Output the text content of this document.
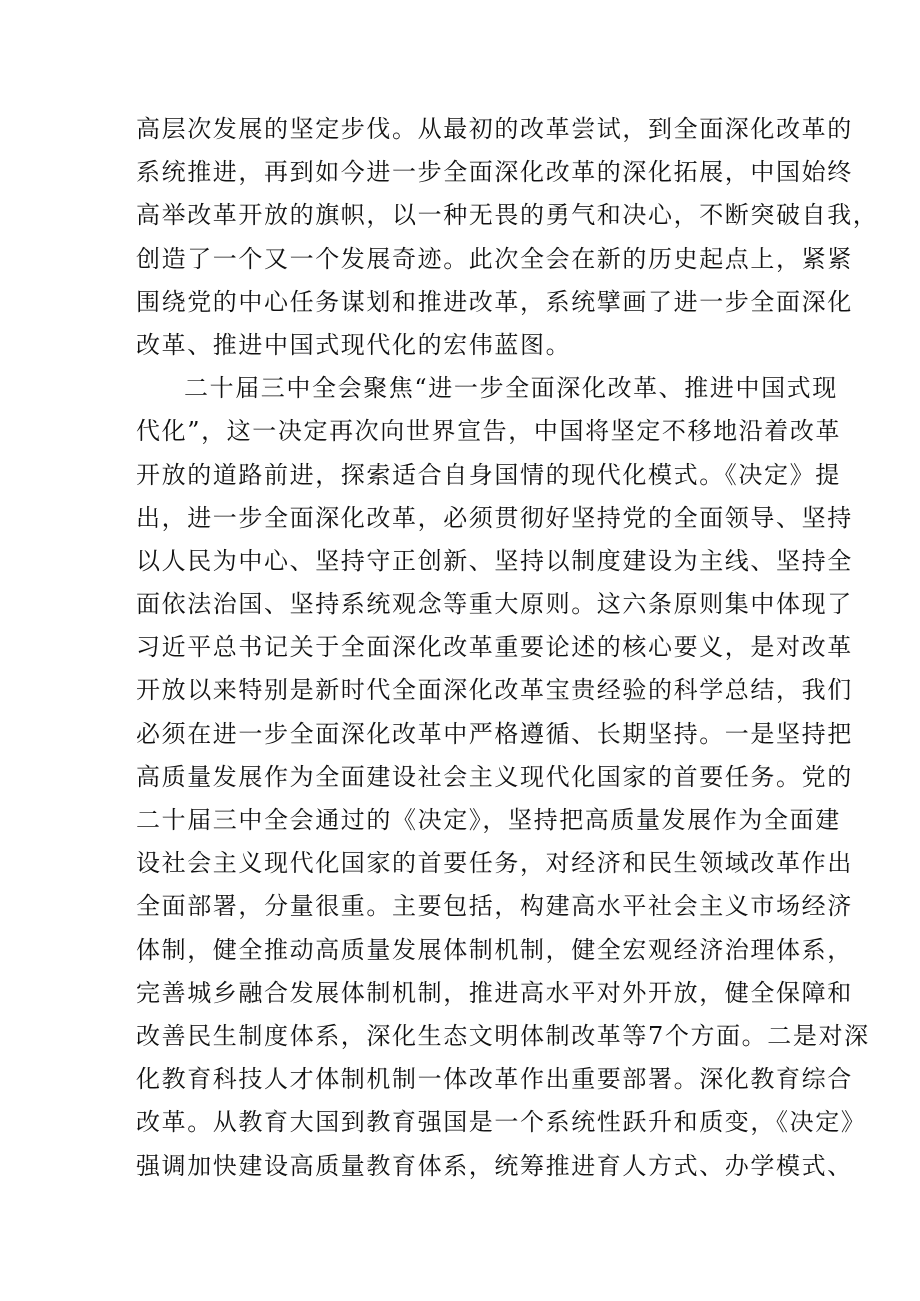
高层次发展的坚定步伐。从最初的改革尝试，到全面深化改革的
系统推进，再到如今进一步全面深化改革的深化拓展，中国始终
高举改革开放的旗帜，以一种无畏的勇气和决心，不断突破自我，
创造了一个又一个发展奇迹。此次全会在新的历史起点上，紧紧
围绕党的中心任务谋划和推进改革，系统擘画了进一步全面深化
改革、推进中国式现代化的宏伟蓝图。
二十届三中全会聚焦“进一步全面深化改革、推进中国式现
代化”，这一决定再次向世界宣告，中国将坚定不移地沿着改革
开放的道路前进，探索适合自身国情的现代化模式。《决定》提
出，进一步全面深化改革，必须贯彻好坚持党的全面领导、坚持
以人民为中心、坚持守正创新、坚持以制度建设为主线、坚持全
面依法治国、坚持系统观念等重大原则。这六条原则集中体现了
习近平总书记关于全面深化改革重要论述的核心要义，是对改革
开放以来特别是新时代全面深化改革宝贵经验的科学总结，我们
必须在进一步全面深化改革中严格遵循、长期坚持。一是坚持把
高质量发展作为全面建设社会主义现代化国家的首要任务。党的
二十届三中全会通过的《决定》，坚持把高质量发展作为全面建
设社会主义现代化国家的首要任务，对经济和民生领域改革作出
全面部署，分量很重。主要包括，构建高水平社会主义市场经济
体制，健全推动高质量发展体制机制，健全宏观经济治理体系，
完善城乡融合发展体制机制，推进高水平对外开放，健全保障和
改善民生制度体系，深化生态文明体制改革等7个方面。二是对深
化教育科技人才体制机制一体改革作出重要部署。深化教育综合
改革。从教育大国到教育强国是一个系统性跃升和质变，《决定》
强调加快建设高质量教育体系，统筹推进育人方式、办学模式、
